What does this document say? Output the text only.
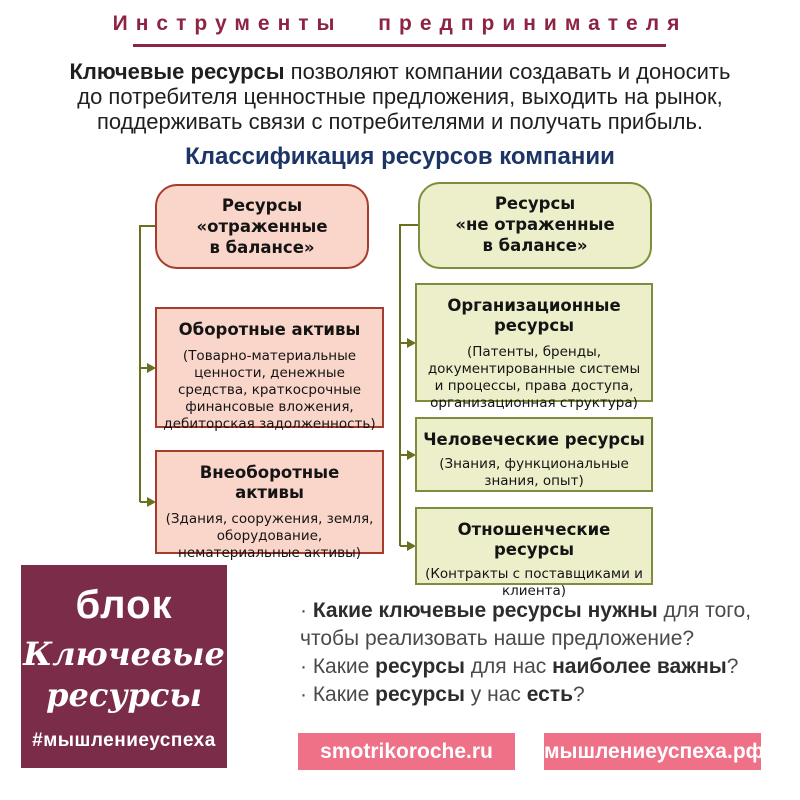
Инструменты предпринимателя
Ключевые ресурсы позволяют компании создавать и доносить
до потребителя ценностные предложения, выходить на рынок,
поддерживать связи с потребителями и получать прибыль.
Классификация ресурсов компании
Ресурсы
«отраженные
в балансе»
Ресурсы
«не отраженные
в балансе»
Оборотные активы
(Товарно-материальные ценности, денежные средства, краткосрочные финансовые вложения, дебиторская задолженность)
Внеоборотные активы
(Здания, сооружения, земля, оборудование, нематериальные активы)
Организационные ресурсы
(Патенты, бренды, документированные системы и процессы, права доступа, организационная структура)
Человеческие ресурсы
(Знания, функциональные знания, опыт)
Отношенческие ресурсы
(Контракты с поставщиками и клиента)
блок
Ключевые
ресурсы
#мышлениеуспеха
· Какие ключевые ресурсы нужны для того,
чтобы реализовать наше предложение?
· Какие ресурсы для нас наиболее важны?
· Какие ресурсы у нас есть?
smotrikoroche.ru	мышлениеуспеха.рф
